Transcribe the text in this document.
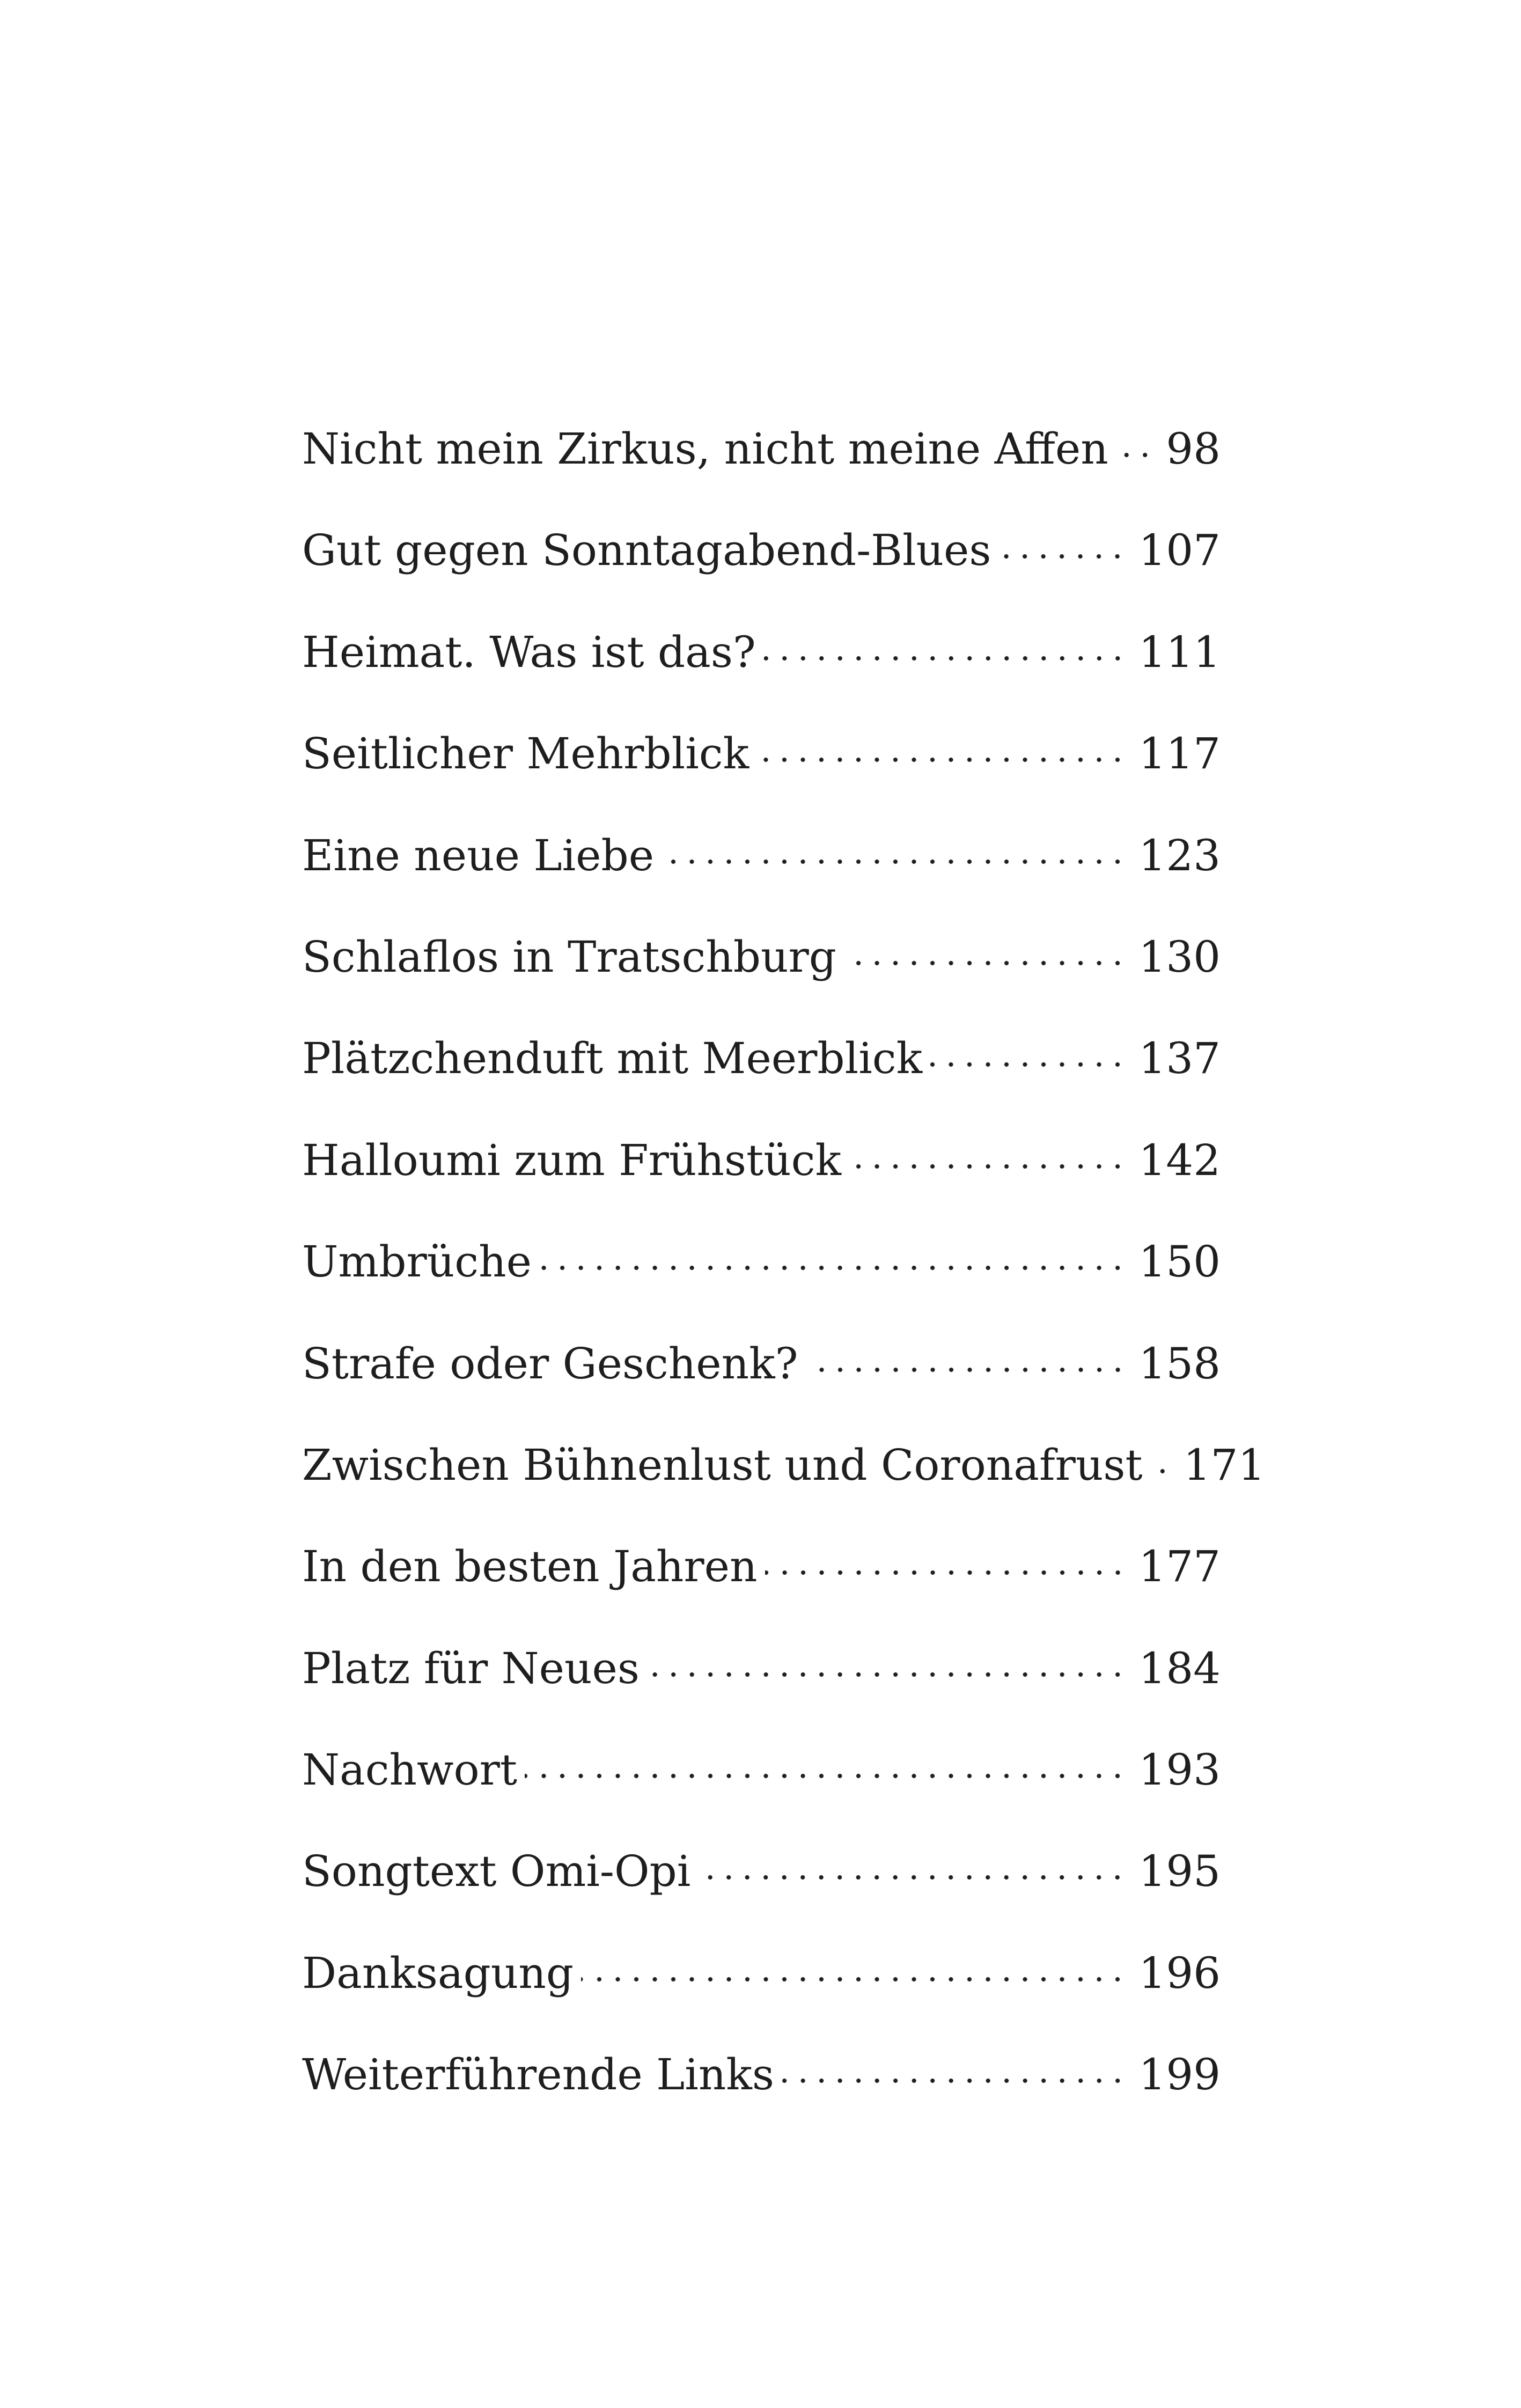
Nicht mein Zirkus, nicht meine Affen 98
Gut gegen Sonntagabend-Blues	107
Heimat. Was ist das?	111
Seitlicher Mehrblick	117
Eine neue Liebe	123
Schlaflos in Tratschburg	130
Plätzchenduft mit Meerblick	137
Halloumi zum Frühstück	142
Umbrüche	150
Strafe oder Geschenk?	158
Zwischen Bühnenlust und Coronafrust 171
In den besten Jahren	177
Platz für Neues	184
Nachwort	193
Songtext Omi-Opi	195
Danksagung	196
Weiterführende Links	199
